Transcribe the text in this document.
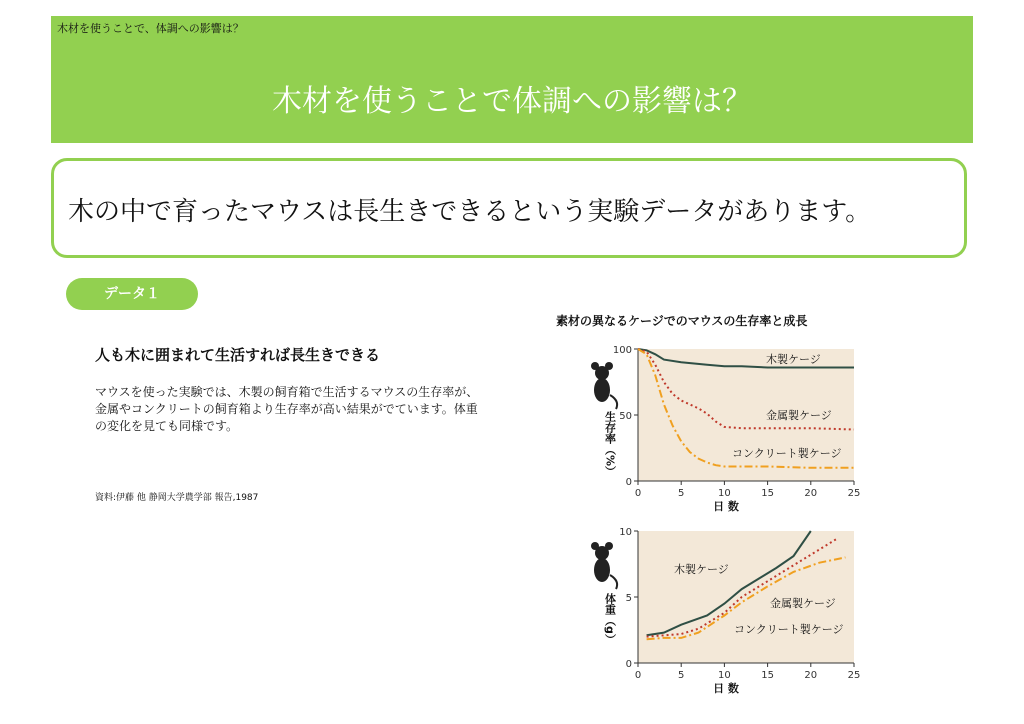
木材を使うことで、体調への影響は？
木材を使うことで体調への影響は？
木の中で育ったマウスは長生きできるという実験データがあります。
データ１
人も木に囲まれて生活すれば長生きできる
マウスを使った実験では、木製の飼育箱で生活するマウスの生存率が、金属やコンクリートの飼育箱より生存率が高い結果がでています。体重の変化を見ても同様です。
資料:伊藤 他 静岡大学農学部 報告,1987
素材の異なるケージでのマウスの生存率と成長
0	5	10	15	20	25
0
50
100
日 数
生存率（%）
木製ケージ
金属製ケージ
コンクリート製ケージ
0	5	10	15	20	25
0
5
10
日 数
体重（g）
木製ケージ
金属製ケージ
コンクリート製ケージ
